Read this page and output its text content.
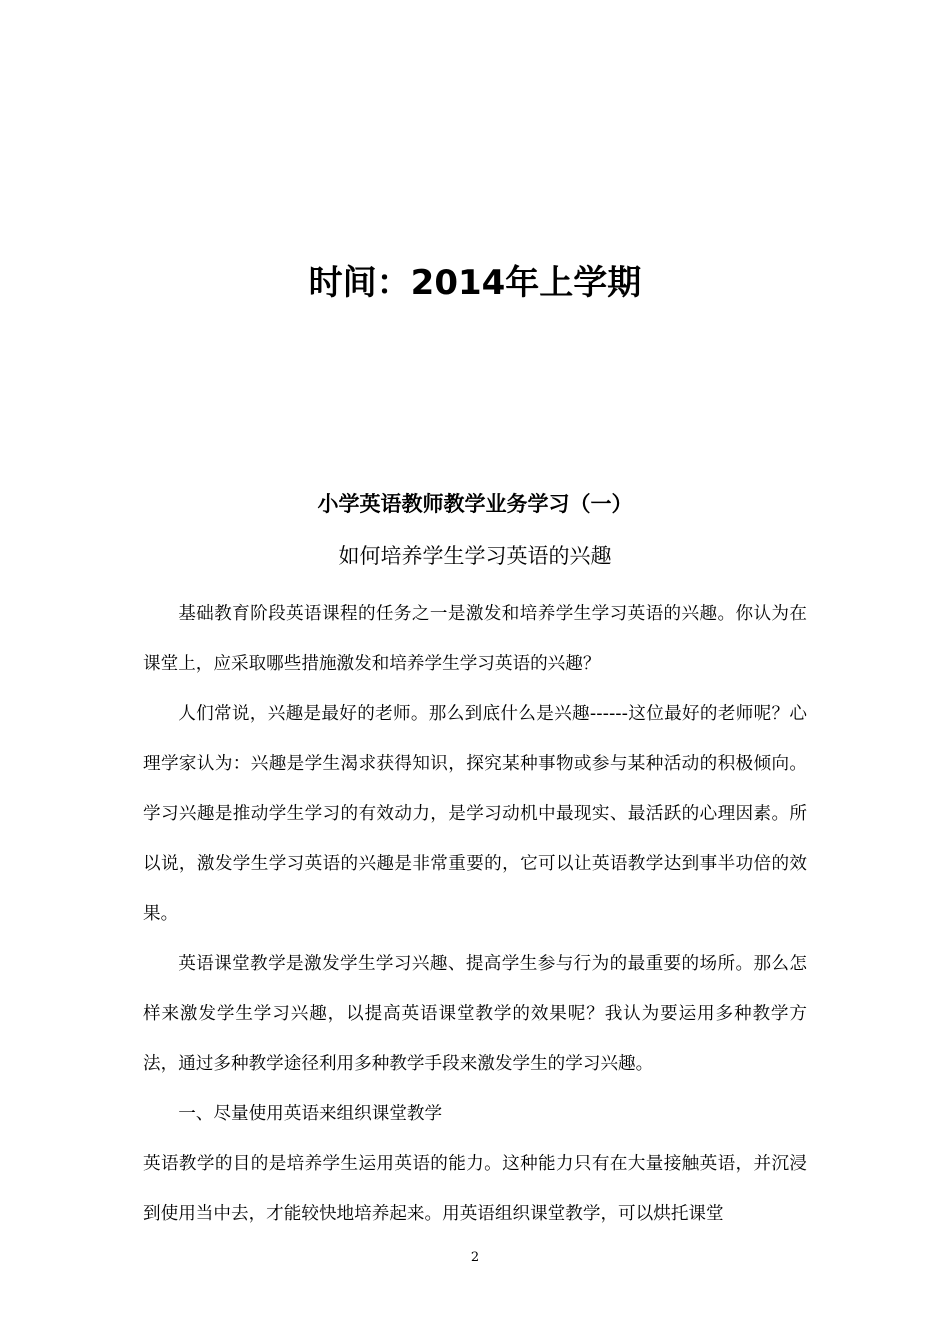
时间：2014年上学期
小学英语教师教学业务学习（一）
如何培养学生学习英语的兴趣

基础教育阶段英语课程的任务之一是激发和培养学生学习英语的兴趣。你认为在课堂上，应采取哪些措施激发和培养学生学习英语的兴趣？

人们常说，兴趣是最好的老师。那么到底什么是兴趣------这位最好的老师呢？心理学家认为：兴趣是学生渴求获得知识，探究某种事物或参与某种活动的积极倾向。学习兴趣是推动学生学习的有效动力，是学习动机中最现实、最活跃的心理因素。所以说，激发学生学习英语的兴趣是非常重要的，它可以让英语教学达到事半功倍的效果。

英语课堂教学是激发学生学习兴趣、提高学生参与行为的最重要的场所。那么怎样来激发学生学习兴趣，以提高英语课堂教学的效果呢？我认为要运用多种教学方法，通过多种教学途径利用多种教学手段来激发学生的学习兴趣。

一、尽量使用英语来组织课堂教学

英语教学的目的是培养学生运用英语的能力。这种能力只有在大量接触英语，并沉浸到使用当中去，才能较快地培养起来。用英语组织课堂教学，可以烘托课堂

2
